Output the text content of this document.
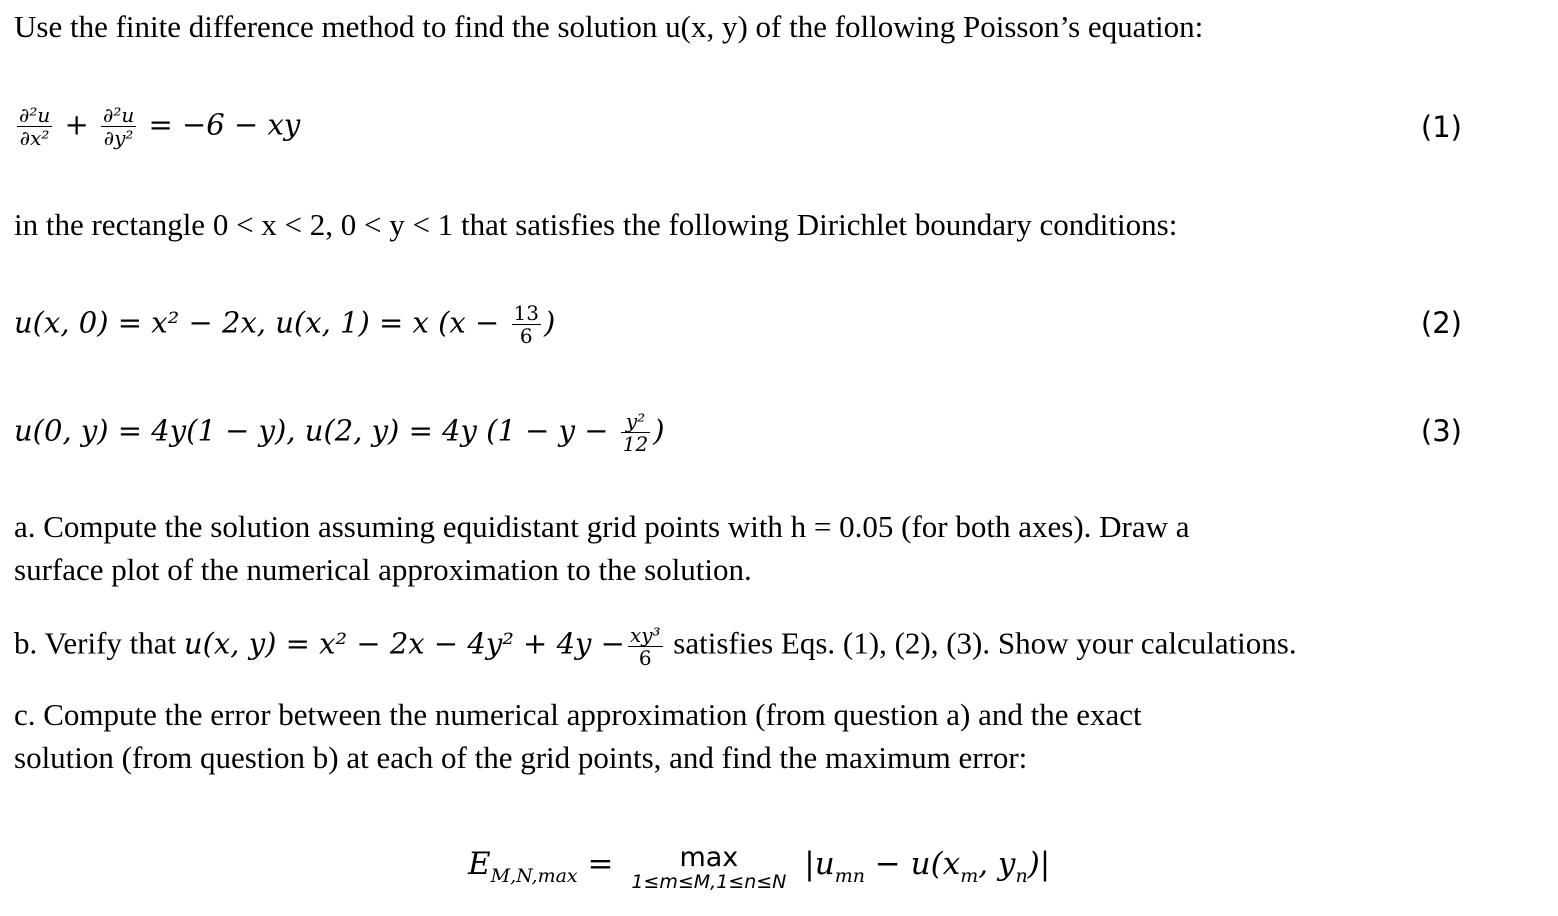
Use the finite difference method to find the solution u(x, y) of the following Poisson’s equation:
$\frac{\text{∂²u}}{\text{∂x²}} + \frac{\text{∂²u}}{\text{∂y²}} = -6$ − xy	(1)
in the rectangle 0 < x < 2, 0 < y < 1 that satisfies the following Dirichlet boundary conditions:
u(x, 0) = x² − 2x, u(x, 1) = x ($x - \frac{13}{6}$ )	(2)
u(0, y) = 4y(1 − y), u(2, y) = 4y ($1 - y - \frac{\text{y²}}{12}$ )	(3)
a. Compute the solution assuming equidistant grid points with h = 0.05 (for both axes). Draw a
surface plot of the numerical approximation to the solution.
b. Verify that u(x, $y) = x^2 - 2x - 4y^2 + 4y - \frac{\text{xy³}}{6}$ satisfies Eqs. (1), (2), (3). Show your calculations.
c. Compute the error between the numerical approximation (from question a) and the exact
solution (from question b) at each of the grid points, and find the maximum error:
$E_{M,N,max}$ =	max
1≤m≤M,1≤n≤N $|u_{mn} - u(x_m$, $y_n)|$
